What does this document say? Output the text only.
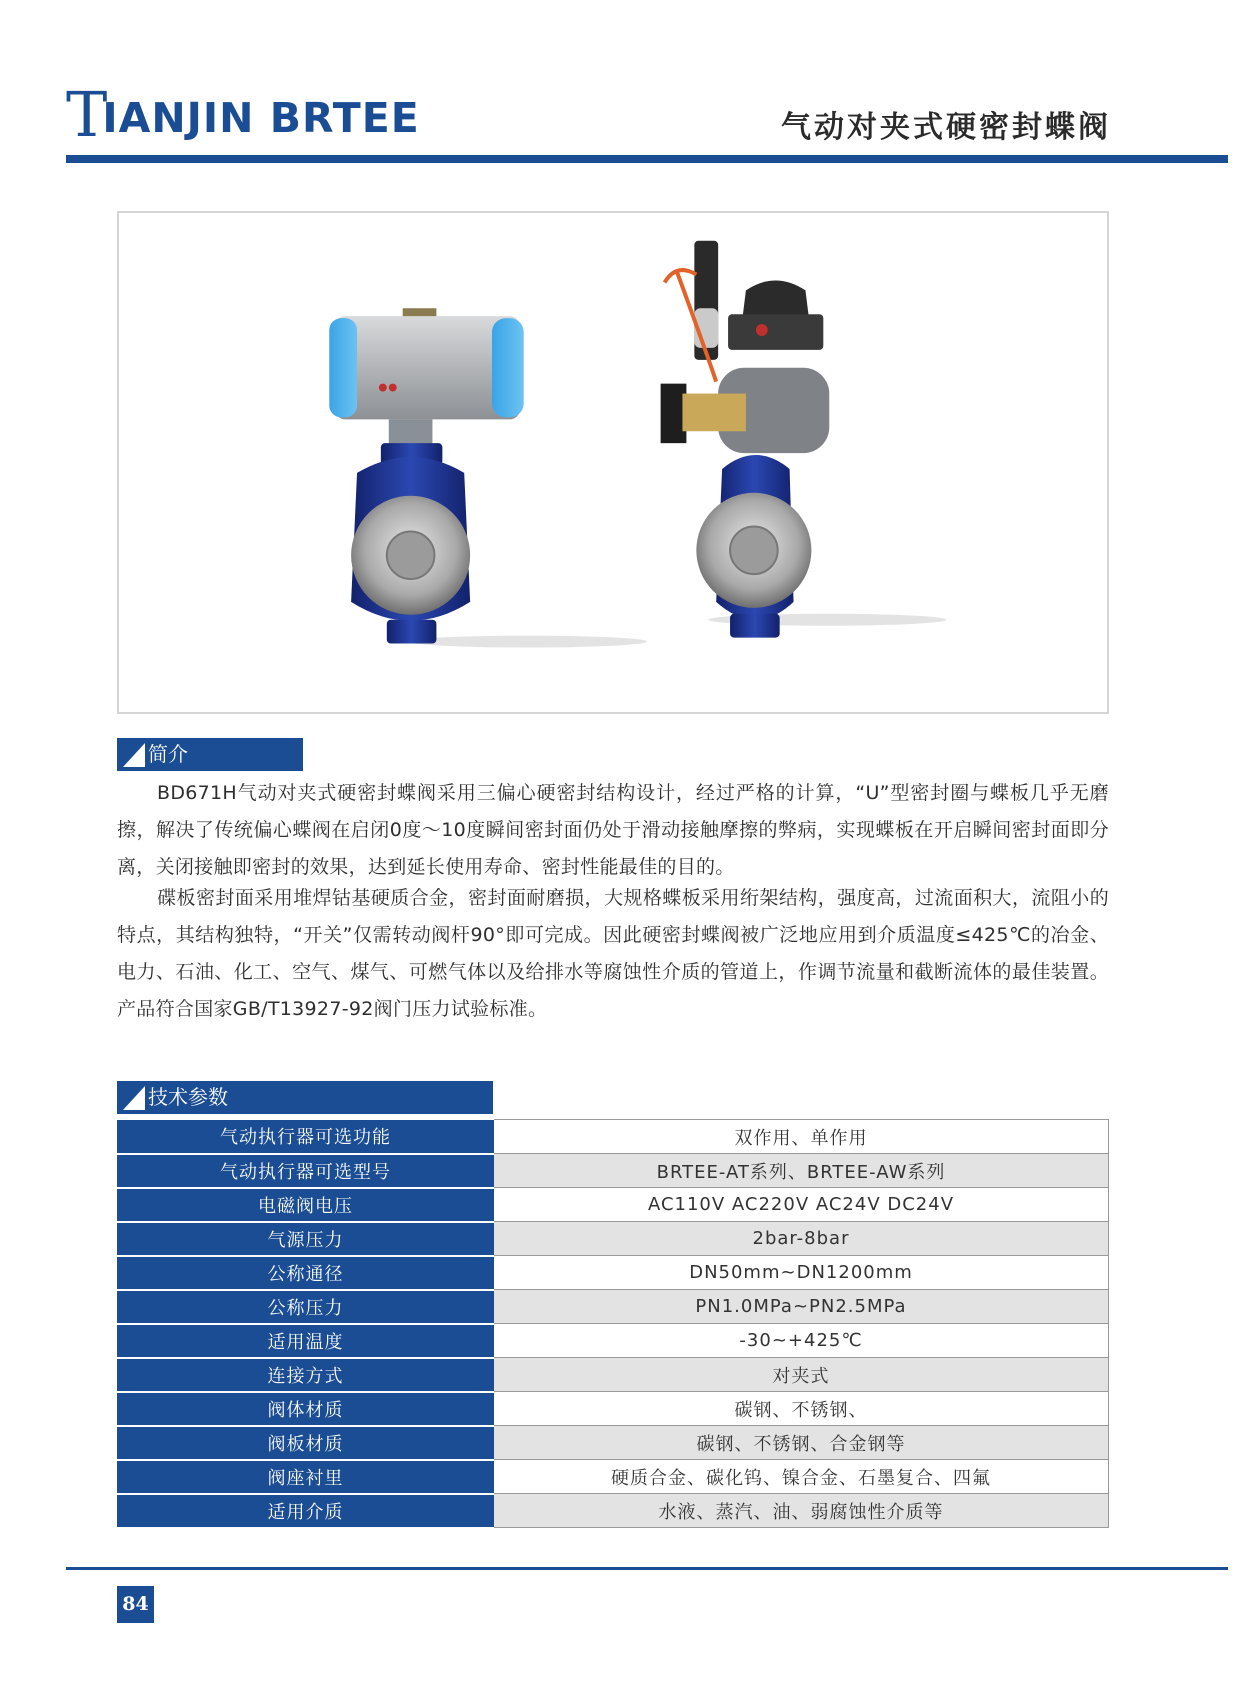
TIANJIN BRTEE	气动对夹式硬密封蝶阀
简介

BD671H气动对夹式硬密封蝶阀采用三偏心硬密封结构设计，经过严格的计算，“U”型密封圈与蝶板几乎无磨擦，解决了传统偏心蝶阀在启闭0度～10度瞬间密封面仍处于滑动接触摩擦的弊病，实现蝶板在开启瞬间密封面即分离，关闭接触即密封的效果，达到延长使用寿命、密封性能最佳的目的。

碟板密封面采用堆焊钴基硬质合金，密封面耐磨损，大规格蝶板采用绗架结构，强度高，过流面积大，流阻小的特点，其结构独特，“开关”仅需转动阀杆90°即可完成。因此硬密封蝶阀被广泛地应用到介质温度≤425℃的冶金、电力、石油、化工、空气、煤气、可燃气体以及给排水等腐蚀性介质的管道上，作调节流量和截断流体的最佳装置。产品符合国家GB/T13927-92阀门压力试验标准。

技术参数
气动执行器可选功能	双作用、单作用
气动执行器可选型号	BRTEE-AT系列、BRTEE-AW系列
电磁阀电压	AC110V AC220V AC24V DC24V
气源压力	2bar-8bar
公称通径	DN50mm~DN1200mm
公称压力	PN1.0MPa~PN2.5MPa
适用温度	-30~+425℃
连接方式	对夹式
阀体材质	碳钢、不锈钢、
阀板材质	碳钢、不锈钢、合金钢等
阀座衬里	硬质合金、碳化钨、镍合金、石墨复合、四氟
适用介质	水液、蒸汽、油、弱腐蚀性介质等
84
